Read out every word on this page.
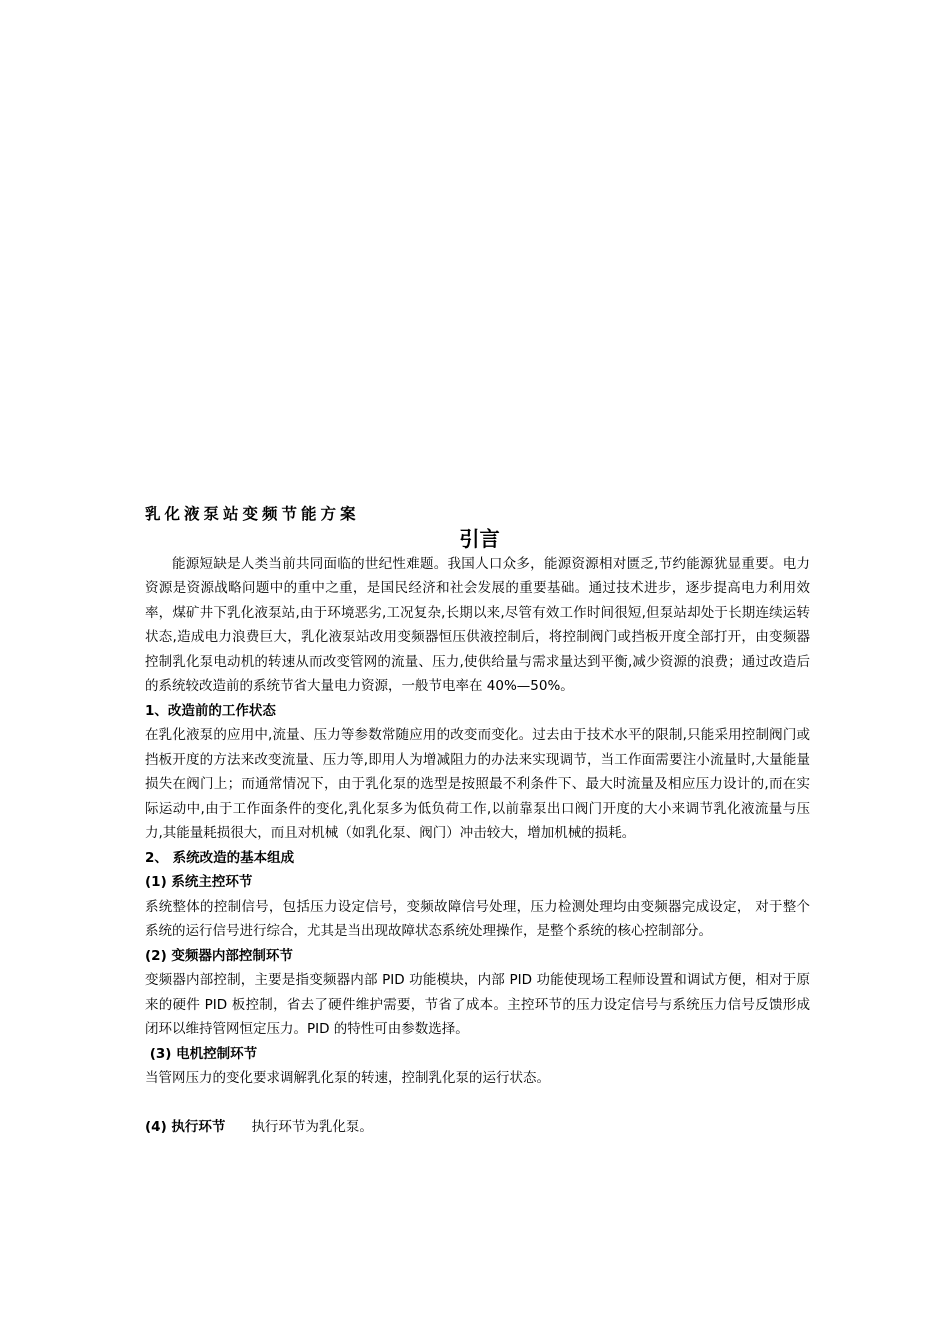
乳化液泵站变频节能方案
引言

能源短缺是人类当前共同面临的世纪性难题。我国人口众多，能源资源相对匮乏,节约能源犹显重要。电力资源是资源战略问题中的重中之重，是国民经济和社会发展的重要基础。通过技术进步，逐步提高电力利用效率，煤矿井下乳化液泵站,由于环境恶劣,工况复杂,长期以来,尽管有效工作时间很短,但泵站却处于长期连续运转状态,造成电力浪费巨大，乳化液泵站改用变频器恒压供液控制后，将控制阀门或挡板开度全部打开，由变频器控制乳化泵电动机的转速从而改变管网的流量、压力,使供给量与需求量达到平衡,减少资源的浪费；通过改造后的系统较改造前的系统节省大量电力资源，一般节电率在 40%—50%。

1、改造前的工作状态

在乳化液泵的应用中,流量、压力等参数常随应用的改变而变化。过去由于技术水平的限制,只能采用控制阀门或挡板开度的方法来改变流量、压力等,即用人为增减阻力的办法来实现调节，当工作面需要注小流量时,大量能量损失在阀门上；而通常情况下，由于乳化泵的选型是按照最不利条件下、最大时流量及相应压力设计的,而在实际运动中,由于工作面条件的变化,乳化泵多为低负荷工作,以前靠泵出口阀门开度的大小来调节乳化液流量与压力,其能量耗损很大，而且对机械（如乳化泵、阀门）冲击较大，增加机械的损耗。

2、 系统改造的基本组成
(1) 系统主控环节

系统整体的控制信号，包括压力设定信号，变频故障信号处理，压力检测处理均由变频器完成设定， 对于整个系统的运行信号进行综合，尤其是当出现故障状态系统处理操作，是整个系统的核心控制部分。

(2) 变频器内部控制环节

变频器内部控制，主要是指变频器内部 PID 功能模块，内部 PID 功能使现场工程师设置和调试方便，相对于原来的硬件 PID 板控制，省去了硬件维护需要，节省了成本。主控环节的压力设定信号与系统压力信号反馈形成闭环以维持管网恒定压力。PID 的特性可由参数选择。

(3) 电机控制环节

当管网压力的变化要求调解乳化泵的转速，控制乳化泵的运行状态。

(4) 执行环节 执行环节为乳化泵。
